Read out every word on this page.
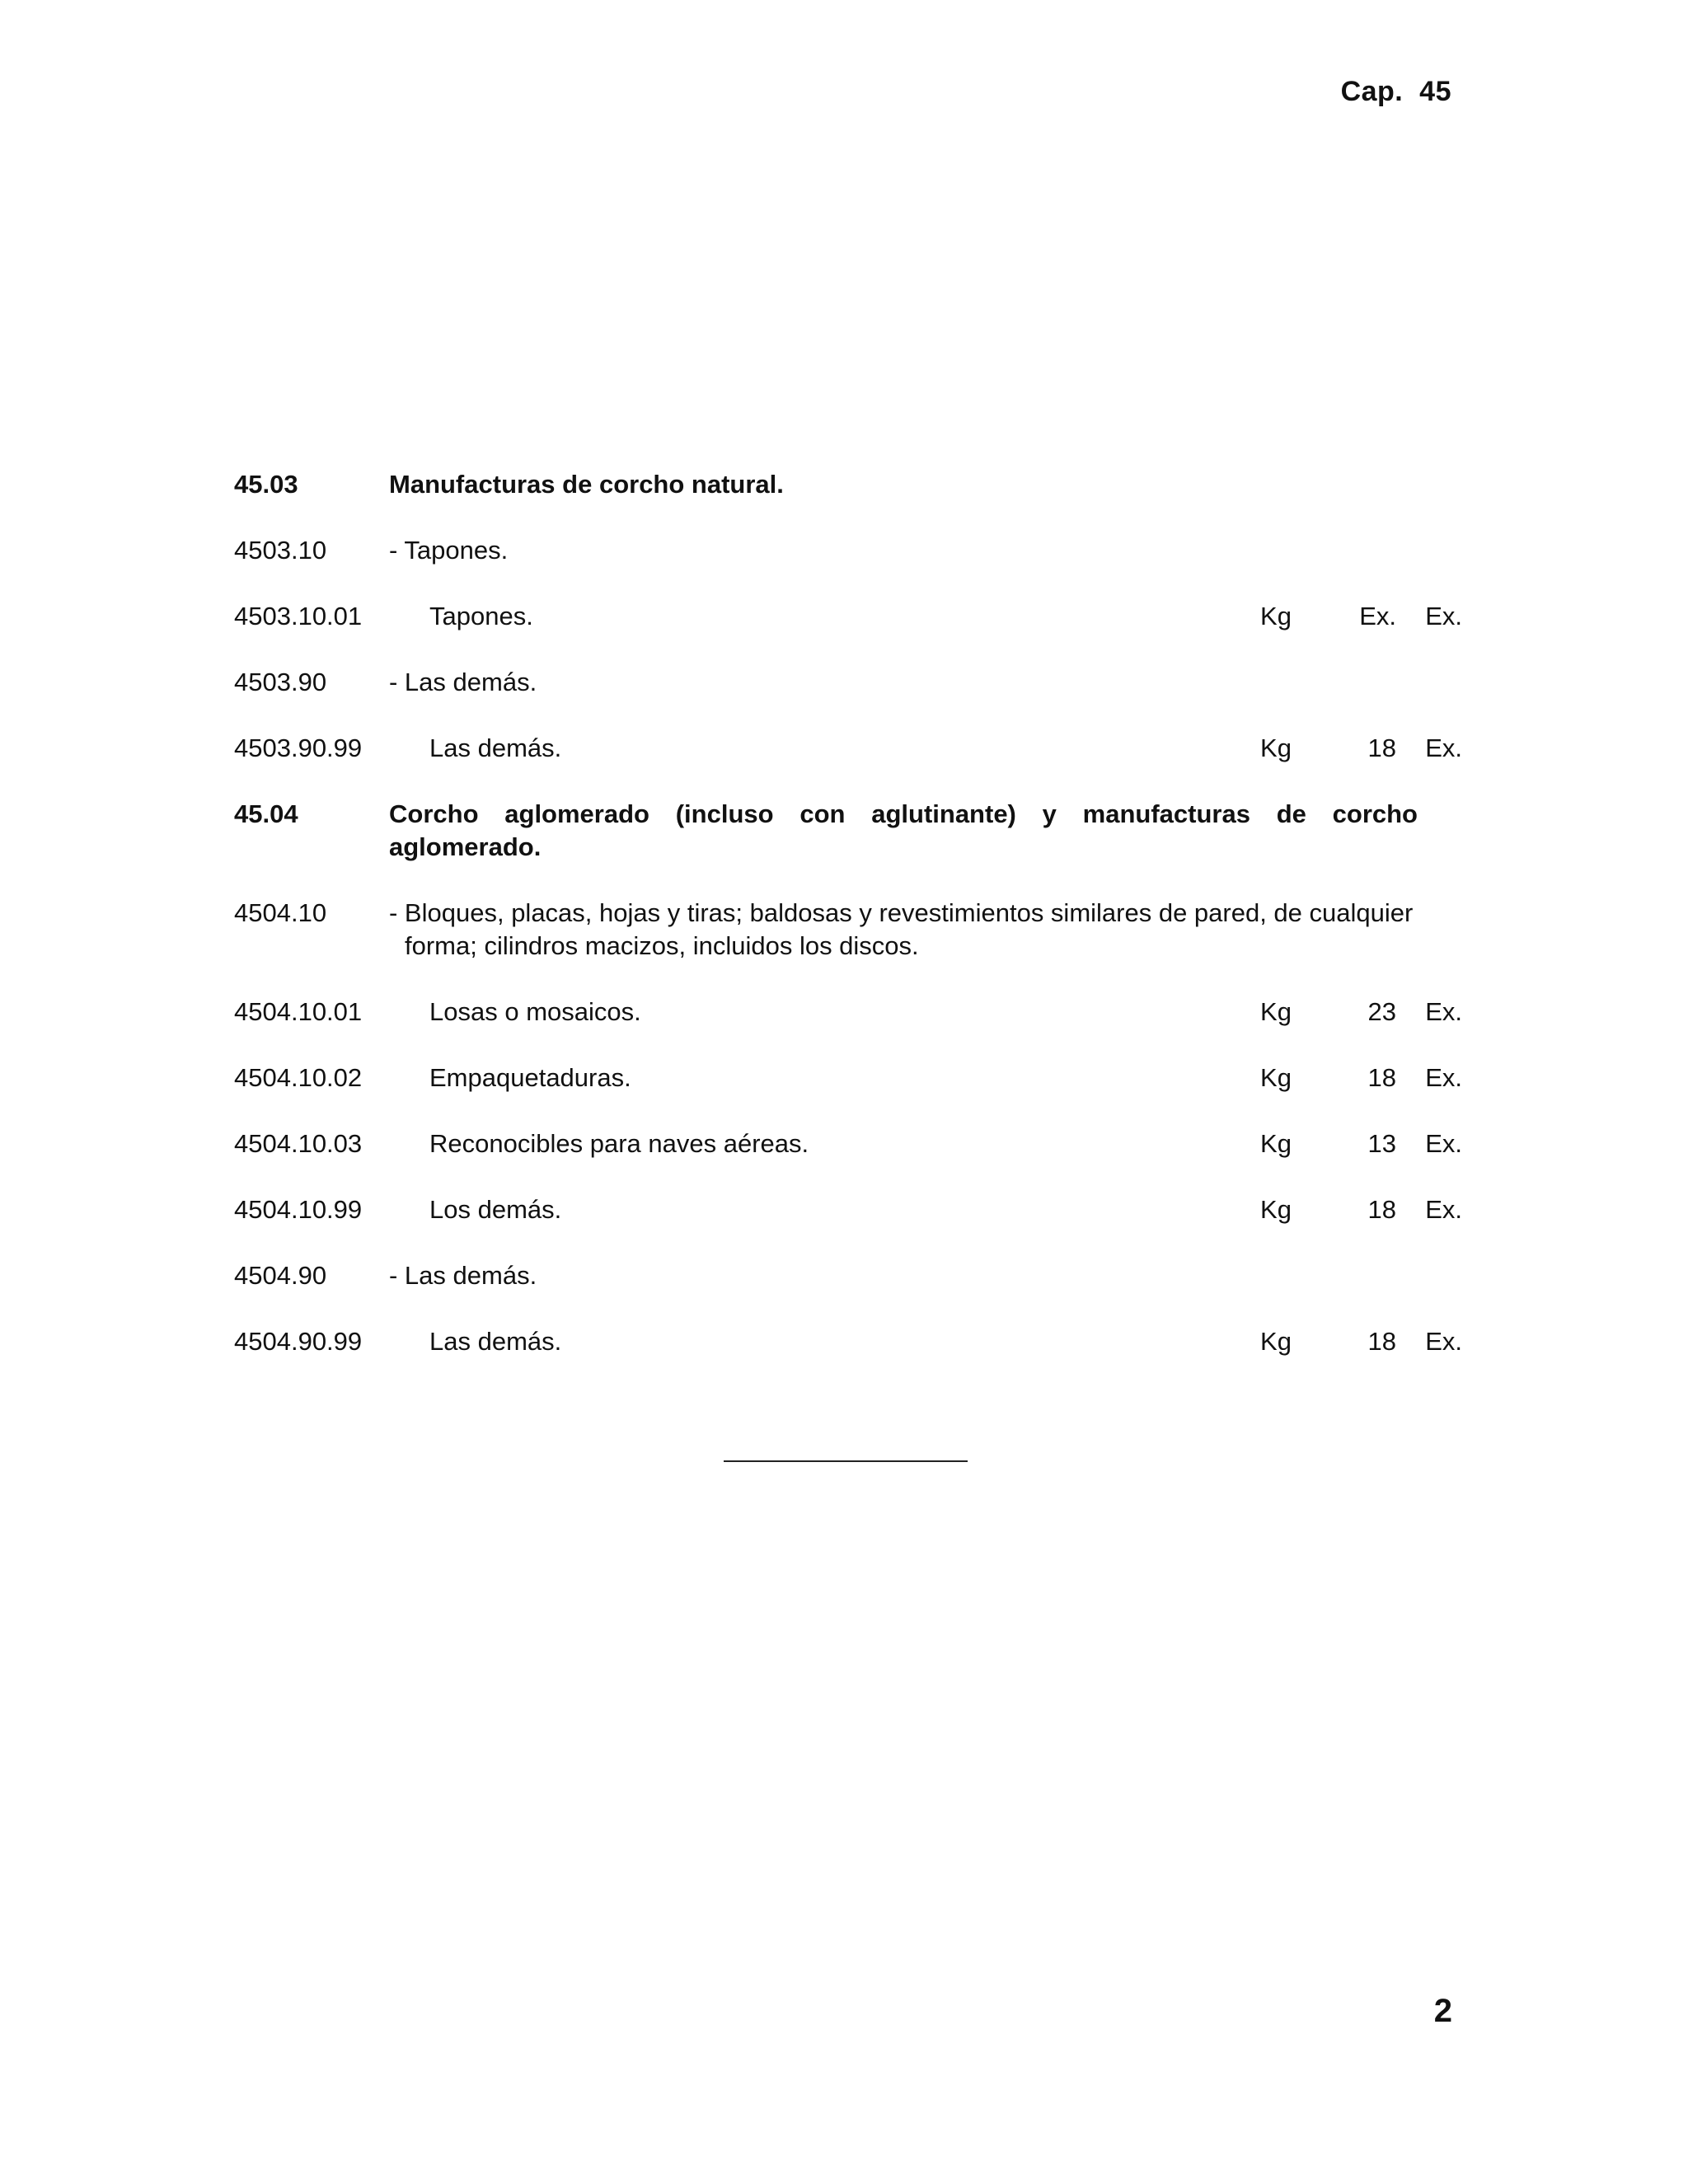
Cap. 45
45.03	Manufacturas de corcho natural.
4503.10 - Tapones.
4503.10.01	Tapones.	Kg	Ex.	Ex.
4503.90 - Las demás.
4503.90.99	Las demás.	Kg	18	Ex.
45.04	Corcho aglomerado (incluso con aglutinante) y manufacturas de corcho aglomerado.
4504.10 - Bloques, placas, hojas y tiras; baldosas y revestimientos similares de pared, de cualquier forma; cilindros macizos, incluidos los discos.
4504.10.01	Losas o mosaicos.	Kg	23	Ex.
4504.10.02	Empaquetaduras.	Kg	18	Ex.
4504.10.03	Reconocibles para naves aéreas.	Kg	13	Ex.
4504.10.99	Los demás.	Kg	18	Ex.
4504.90 - Las demás.
4504.90.99	Las demás.	Kg	18	Ex.
2
